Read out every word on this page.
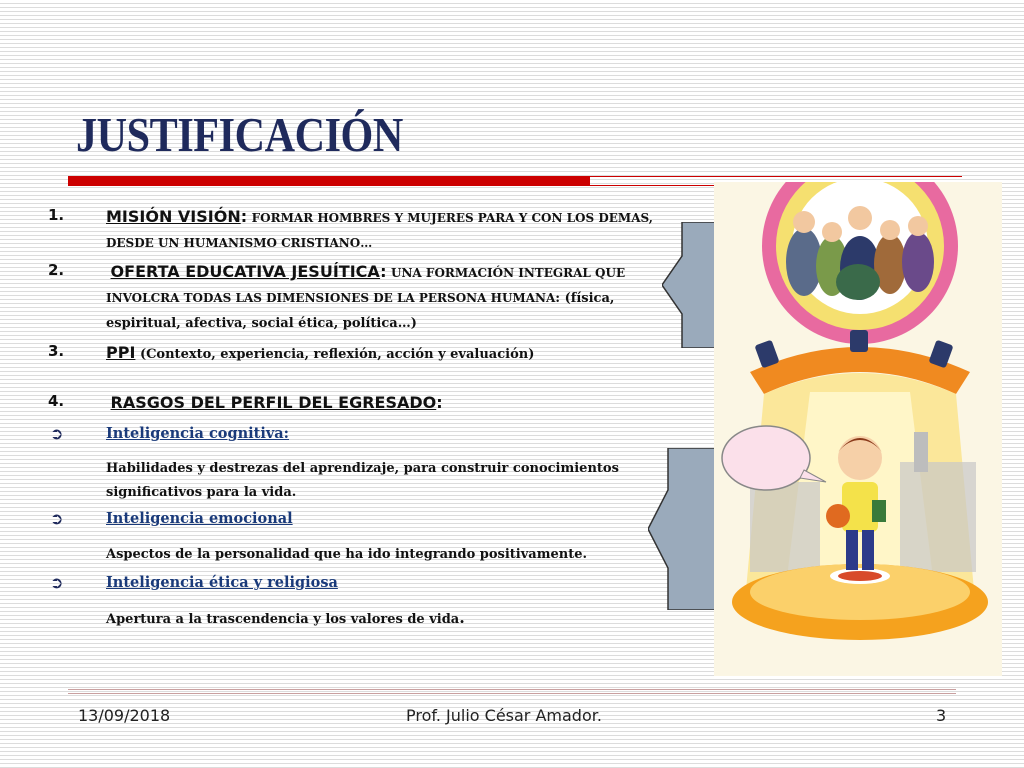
JUSTIFICACIÓN
1.	MISIÓN VISIÓN: FORMAR HOMBRES Y MUJERES PARA Y CON LOS DEMAS, DESDE UN HUMANISMO CRISTIANO…
2.	OFERTA EDUCATIVA JESUÍTICA: UNA FORMACIÓN INTEGRAL QUE INVOLCRA TODAS LAS DIMENSIONES DE LA PERSONA HUMANA: (física, espiritual, afectiva, social ética, política…)
3.	PPI (Contexto, experiencia, reflexión, acción y evaluación)
4.	RASGOS DEL PERFIL DEL EGRESADO:
➲	Inteligencia cognitiva:
Habilidades y destrezas del aprendizaje, para construir conocimientos significativos para la vida.
➲	Inteligencia emocional
Aspectos de la personalidad que ha ido integrando positivamente.
➲	Inteligencia ética y religiosa
Apertura a la trascendencia y los valores de vida.
13/09/2018	Prof. Julio César Amador.	3
